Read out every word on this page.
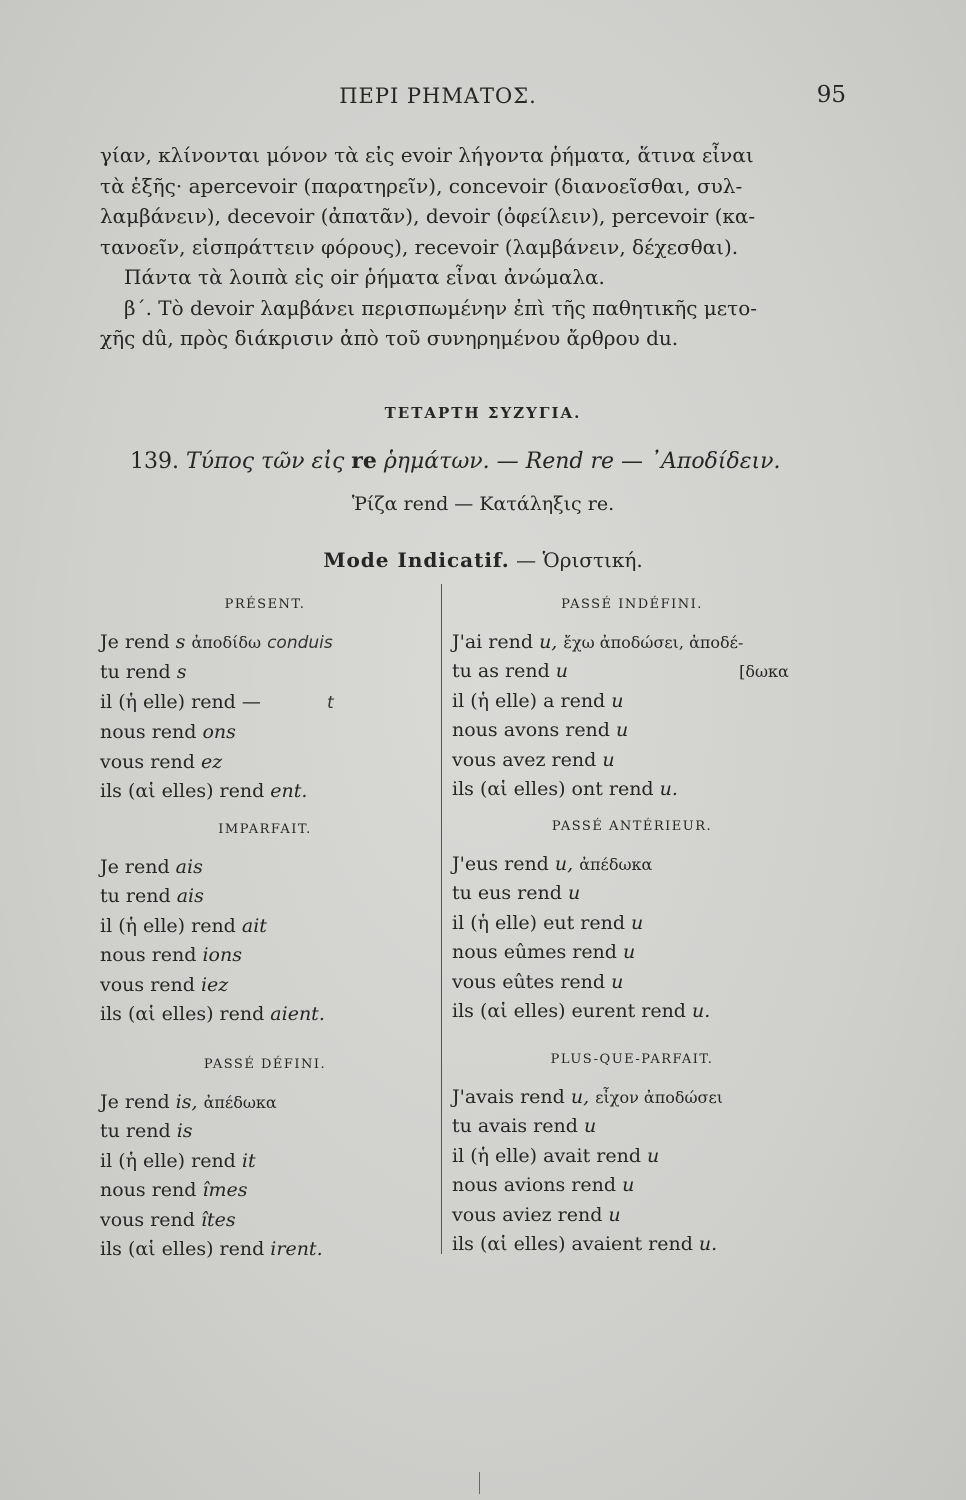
ΠΕΡΙ ΡΗΜΑΤΟΣ.	95
γίαν, κλίνονται μόνον τὰ εἰς evoir λήγοντα ῥήματα, ἅτινα εἶναι
τὰ ἑξῆς· apercevoir (παρατηρεῖν), concevoir (διανοεῖσθαι, συλ-
λαμβάνειν), decevoir (ἀπατᾶν), devoir (ὀφείλειν), percevoir (κα-
τανοεῖν, εἰσπράττειν φόρους), recevoir (λαμβάνειν, δέχεσθαι).
Πάντα τὰ λοιπὰ εἰς oir ῥήματα εἶναι ἀνώμαλα.
β΄. Τὸ devoir λαμβάνει περισπωμένην ἐπὶ τῆς παθητικῆς μετο-
χῆς dû, πρὸς διάκρισιν ἀπὸ τοῦ συνηρημένου ἄρθρου du.
ΤΕΤΑΡΤΗ ΣΥΖΥΓΙΑ.
139. Τύπος τῶν εἰς re ῥημάτων. — Rend re — ᾿Αποδίδειν.
Ῥίζα rend — Κατάληξις re.
Mode Indicatif. — Ὁριστική.
PRÉSENT.
Je rend s ἀποδίδω conduis
tu rend s
il (ἡ elle) rend —	t
nous rend ons
vous rend ez
ils (αἱ elles) rend ent.
IMPARFAIT.
Je rend ais
tu rend ais
il (ἡ elle) rend ait
nous rend ions
vous rend iez
ils (αἱ elles) rend aient.
PASSÉ DÉFINI.
Je rend is, ἀπέδωκα
tu rend is
il (ἡ elle) rend it
nous rend îmes
vous rend îtes
ils (αἱ elles) rend irent.
PASSÉ INDÉFINI.
J'ai rend u, ἔχω ἀποδώσει, ἀποδέ-
tu as rend u	[δωκα
il (ἡ elle) a rend u
nous avons rend u
vous avez rend u
ils (αἱ elles) ont rend u.
PASSÉ ANTÉRIEUR.
J'eus rend u, ἀπέδωκα
tu eus rend u
il (ἡ elle) eut rend u
nous eûmes rend u
vous eûtes rend u
ils (αἱ elles) eurent rend u.
PLUS-QUE-PARFAIT.
J'avais rend u, εἶχον ἀποδώσει
tu avais rend u
il (ἡ elle) avait rend u
nous avions rend u
vous aviez rend u
ils (αἱ elles) avaient rend u.
